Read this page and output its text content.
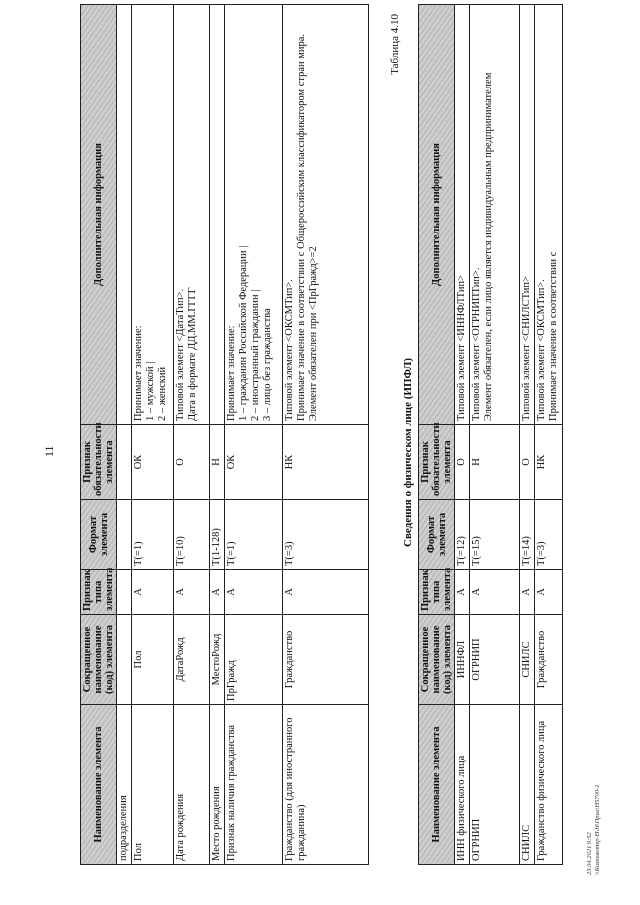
11
Наименование элемента	Сокращенное наименование (код) элемента	Признак типа элемента	Формат элемента	Признак обязательности элемента	Дополнительная информация
подразделения					
Пол	Пол	А	T(=1)	ОК	Принимает значение: 1 – мужской | 2 – женский

Дата рождения	ДатаРожд	А	T(=10)	О	Типовой элемент <ДатаТип>. Дата в формате ДД.ММ.ГГГГ

Место рождения	МестоРожд	А	T(1-128)	Н	
Признак наличия гражданства	ПрГражд	А	T(=1)	ОК	Принимает значение: 1 – гражданин Российской Федерации | 2 – иностранный гражданин | 3 – лицо без гражданства

Гражданство (для иностранного гражданина)	Гражданство	А	T(=3)	НК	Типовой элемент <ОКСМТип>. Принимает значение в соответствии с Общероссийским классификатором стран мира. Элемент обязателен при <ПрГражд>=2
Таблица 4.10
Сведения о физическом лице (ИПФЛ)
Наименование элемента	Сокращенное наименование (код) элемента	Признак типа элемента	Формат элемента	Признак обязательности элемента	Дополнительная информация
ИНН физического лица	ИННФЛ	А	T(=12)	О	Типовой элемент <ИННФЛТип>

ОГРНИП	ОГРНИП	А	T(=15)	Н	Типовой элемент <ОГРНИПТип>. Элемент обязателен, если лицо является индивидуальным предпринимателем

СНИЛС	СНИЛС	А	T(=14)	О	Типовой элемент <СНИЛСТип>

Гражданство физического лица	Гражданство	А	T(=3)	НК	Типовой элемент <ОКСМТип>. Принимает значение в соответствии с
23.04.2021 9:52 \\Компьютер-Н\Н\Прил\Н5700-1
